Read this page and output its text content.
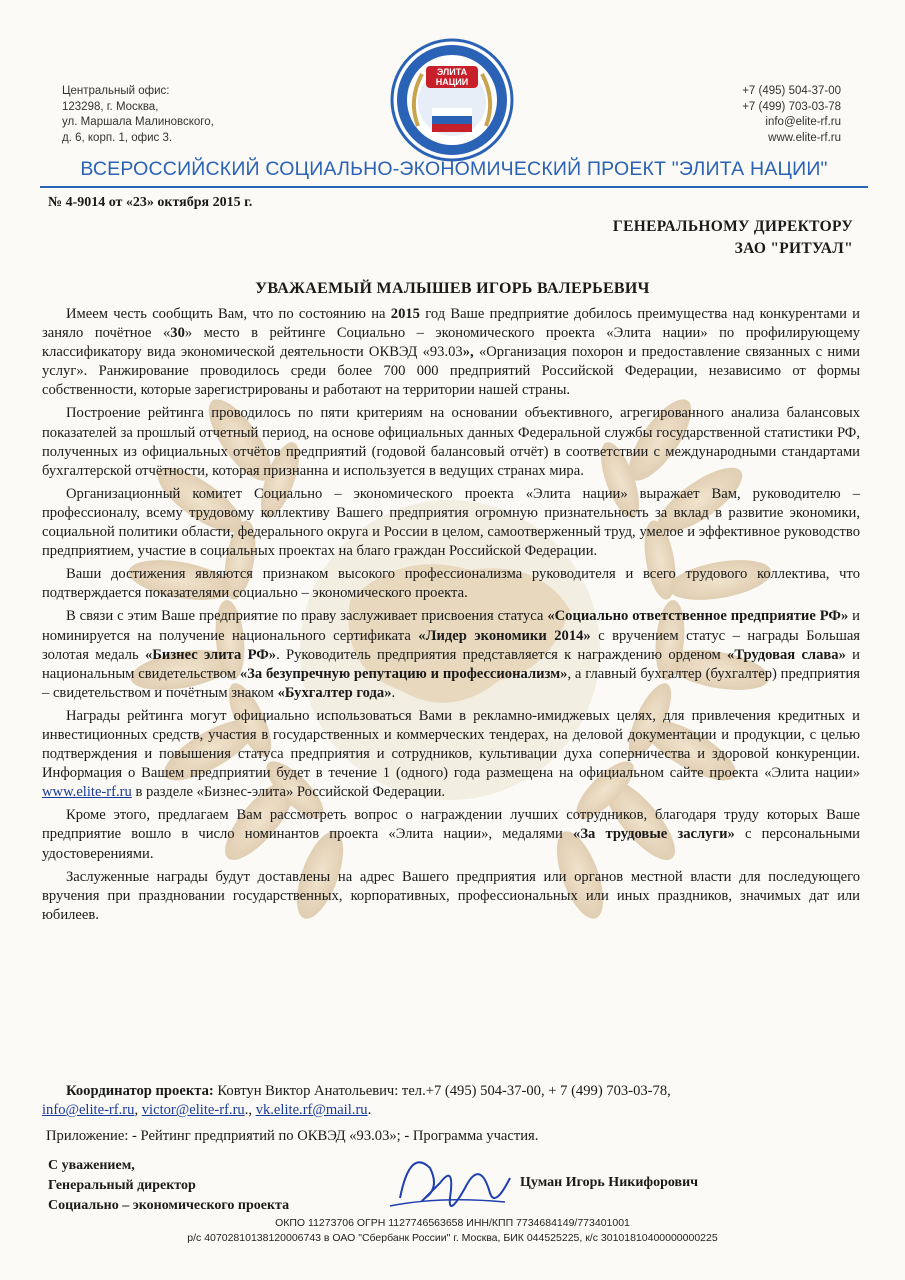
Центральный офис:
123298, г. Москва,
ул. Маршала Малиновского,
д. 6, корп. 1, офис 3.
ЭЛИТА
НАЦИИ
+7 (495) 504-37-00
+7 (499) 703-03-78
info@elite-rf.ru
www.elite-rf.ru
ВСЕРОССИЙСКИЙ СОЦИАЛЬНО-ЭКОНОМИЧЕСКИЙ ПРОЕКТ "ЭЛИТА НАЦИИ"
№ 4-9014 от «23» октября 2015 г.
ГЕНЕРАЛЬНОМУ ДИРЕКТОРУ
ЗАО "РИТУАЛ"
УВАЖАЕМЫЙ МАЛЫШЕВ ИГОРЬ ВАЛЕРЬЕВИЧ

Имеем честь сообщить Вам, что по состоянию на 2015 год Ваше предприятие добилось преимущества над конкурентами и заняло почётное «30» место в рейтинге Социально – экономического проекта «Элита нации» по профилирующему классификатору вида экономической деятельности ОКВЭД «93.03», «Организация похорон и предоставление связанных с ними услуг». Ранжирование проводилось среди более 700 000 предприятий Российской Федерации, независимо от формы собственности, которые зарегистрированы и работают на территории нашей страны.

Построение рейтинга проводилось по пяти критериям на основании объективного, агрегированного анализа балансовых показателей за прошлый отчетный период, на основе официальных данных Федеральной службы государственной статистики РФ, полученных из официальных отчётов предприятий (годовой балансовый отчёт) в соответствии с международными стандартами бухгалтерской отчётности, которая признанна и используется в ведущих странах мира.

Организационный комитет Социально – экономического проекта «Элита нации» выражает Вам, руководителю – профессионалу, всему трудовому коллективу Вашего предприятия огромную признательность за вклад в развитие экономики, социальной политики области, федерального округа и России в целом, самоотверженный труд, умелое и эффективное руководство предприятием, участие в социальных проектах на благо граждан Российской Федерации.

Ваши достижения являются признаком высокого профессионализма руководителя и всего трудового коллектива, что подтверждается показателями социально – экономического проекта.

В связи с этим Ваше предприятие по праву заслуживает присвоения статуса «Социально ответственное предприятие РФ» и номинируется на получение национального сертификата «Лидер экономики 2014» с вручением статус – награды Большая золотая медаль «Бизнес элита РФ». Руководитель предприятия представляется к награждению орденом «Трудовая слава» и национальным свидетельством «За безупречную репутацию и профессионализм», а главный бухгалтер (бухгалтер) предприятия – свидетельством и почётным знаком «Бухгалтер года».

Награды рейтинга могут официально использоваться Вами в рекламно-имиджевых целях, для привлечения кредитных и инвестиционных средств, участия в государственных и коммерческих тендерах, на деловой документации и продукции, с целью подтверждения и повышения статуса предприятия и сотрудников, культивации духа соперничества и здоровой конкуренции. Информация о Вашем предприятии будет в течение 1 (одного) года размещена на официальном сайте проекта «Элита нации» www.elite-rf.ru в разделе «Бизнес-элита» Российской Федерации.

Кроме этого, предлагаем Вам рассмотреть вопрос о награждении лучших сотрудников, благодаря труду которых Ваше предприятие вошло в число номинантов проекта «Элита нации», медалями «За трудовые заслуги» с персональными удостоверениями.

Заслуженные награды будут доставлены на адрес Вашего предприятия или органов местной власти для последующего вручения при праздновании государственных, корпоративных, профессиональных или иных праздников, значимых дат или юбилеев.

Координатор проекта: Ковтун Виктор Анатольевич: тел.+7 (495) 504-37-00, + 7 (499) 703-03-78,
info@elite-rf.ru, victor@elite-rf.ru., vk.elite.rf@mail.ru.
Приложение: - Рейтинг предприятий по ОКВЭД «93.03»; - Программа участия.
С уважением,
Генеральный директор
Социально – экономического проекта
Цуман Игорь Никифорович
ОКПО 11273706 ОГРН 1127746563658 ИНН/КПП 7734684149/773401001
р/с 40702810138120006743 в ОАО "Сбербанк России" г. Москва, БИК 044525225, к/с 30101810400000000225
